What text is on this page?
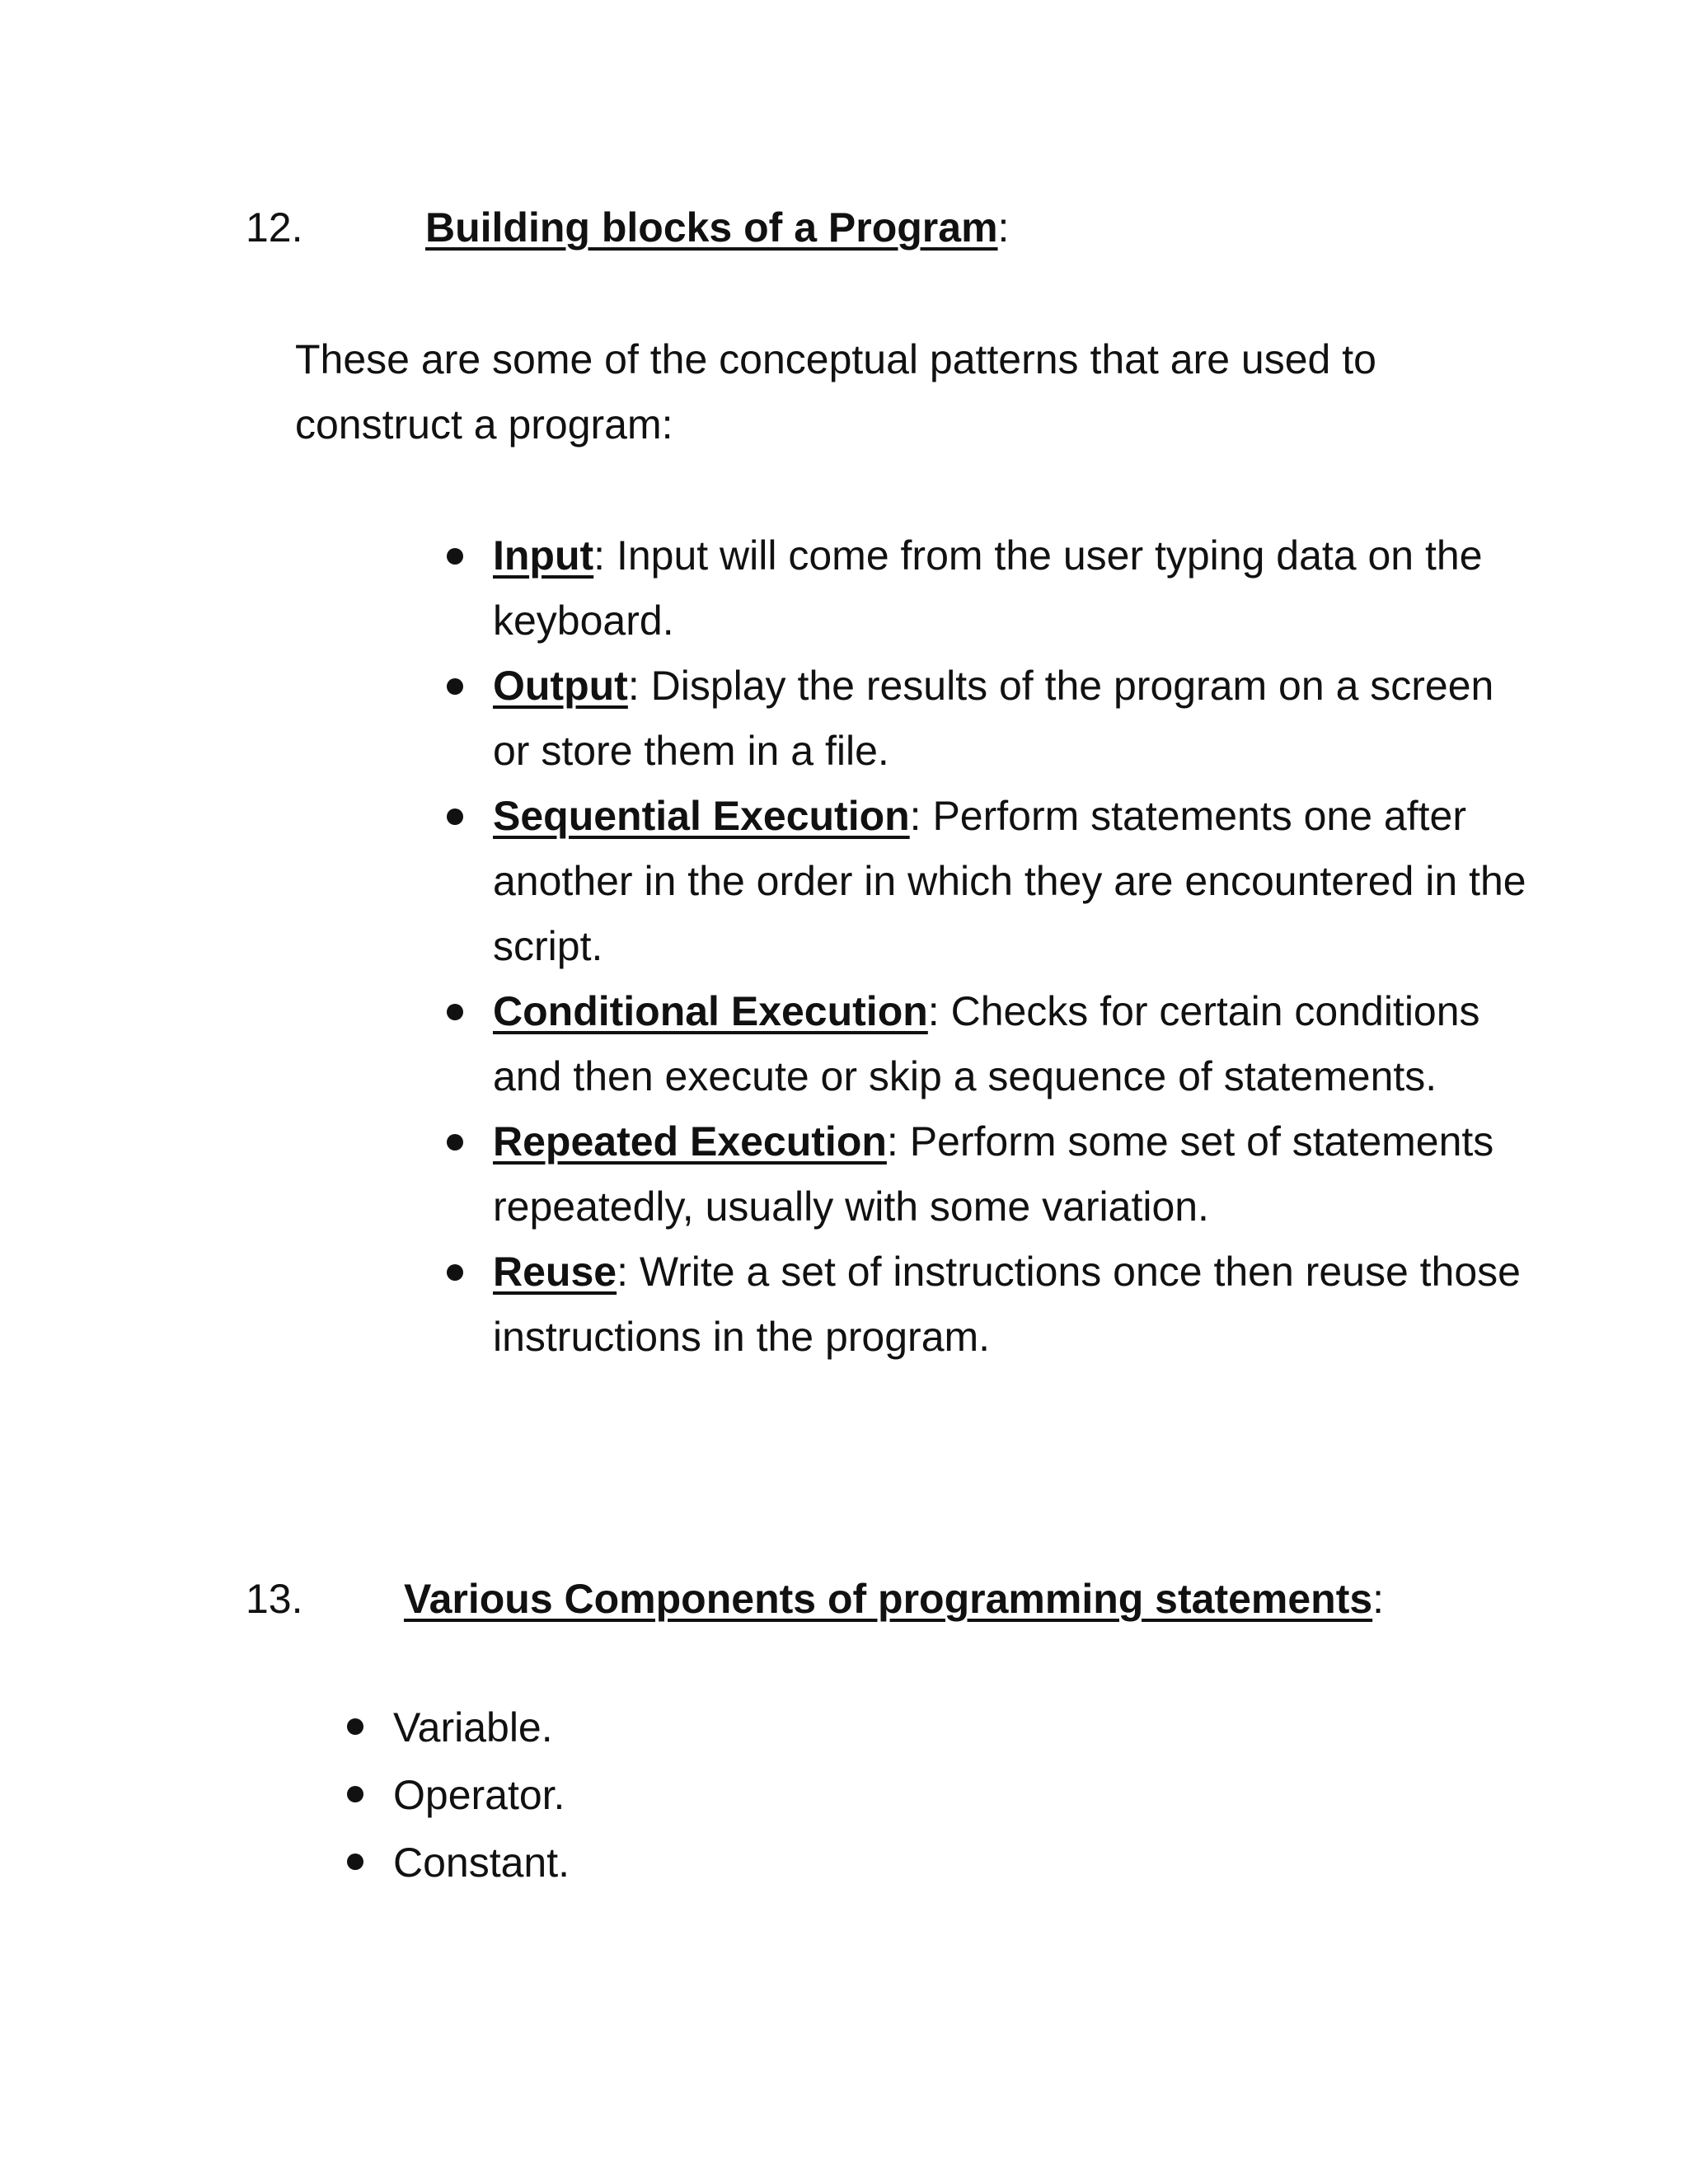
12.	Building blocks of a Program:
These are some of the conceptual patterns that are used to construct a program:
Input: Input will come from the user typing data on the keyboard.
Output: Display the results of the program on a screen or store them in a file.
Sequential Execution: Perform statements one after another in the order in which they are encountered in the script.
Conditional Execution: Checks for certain conditions and then execute or skip a sequence of statements.
Repeated Execution: Perform some set of statements repeatedly, usually with some variation.
Reuse: Write a set of instructions once then reuse those instructions in the program.
13. Various Components of programming statements:
Variable.
Operator.
Constant.
